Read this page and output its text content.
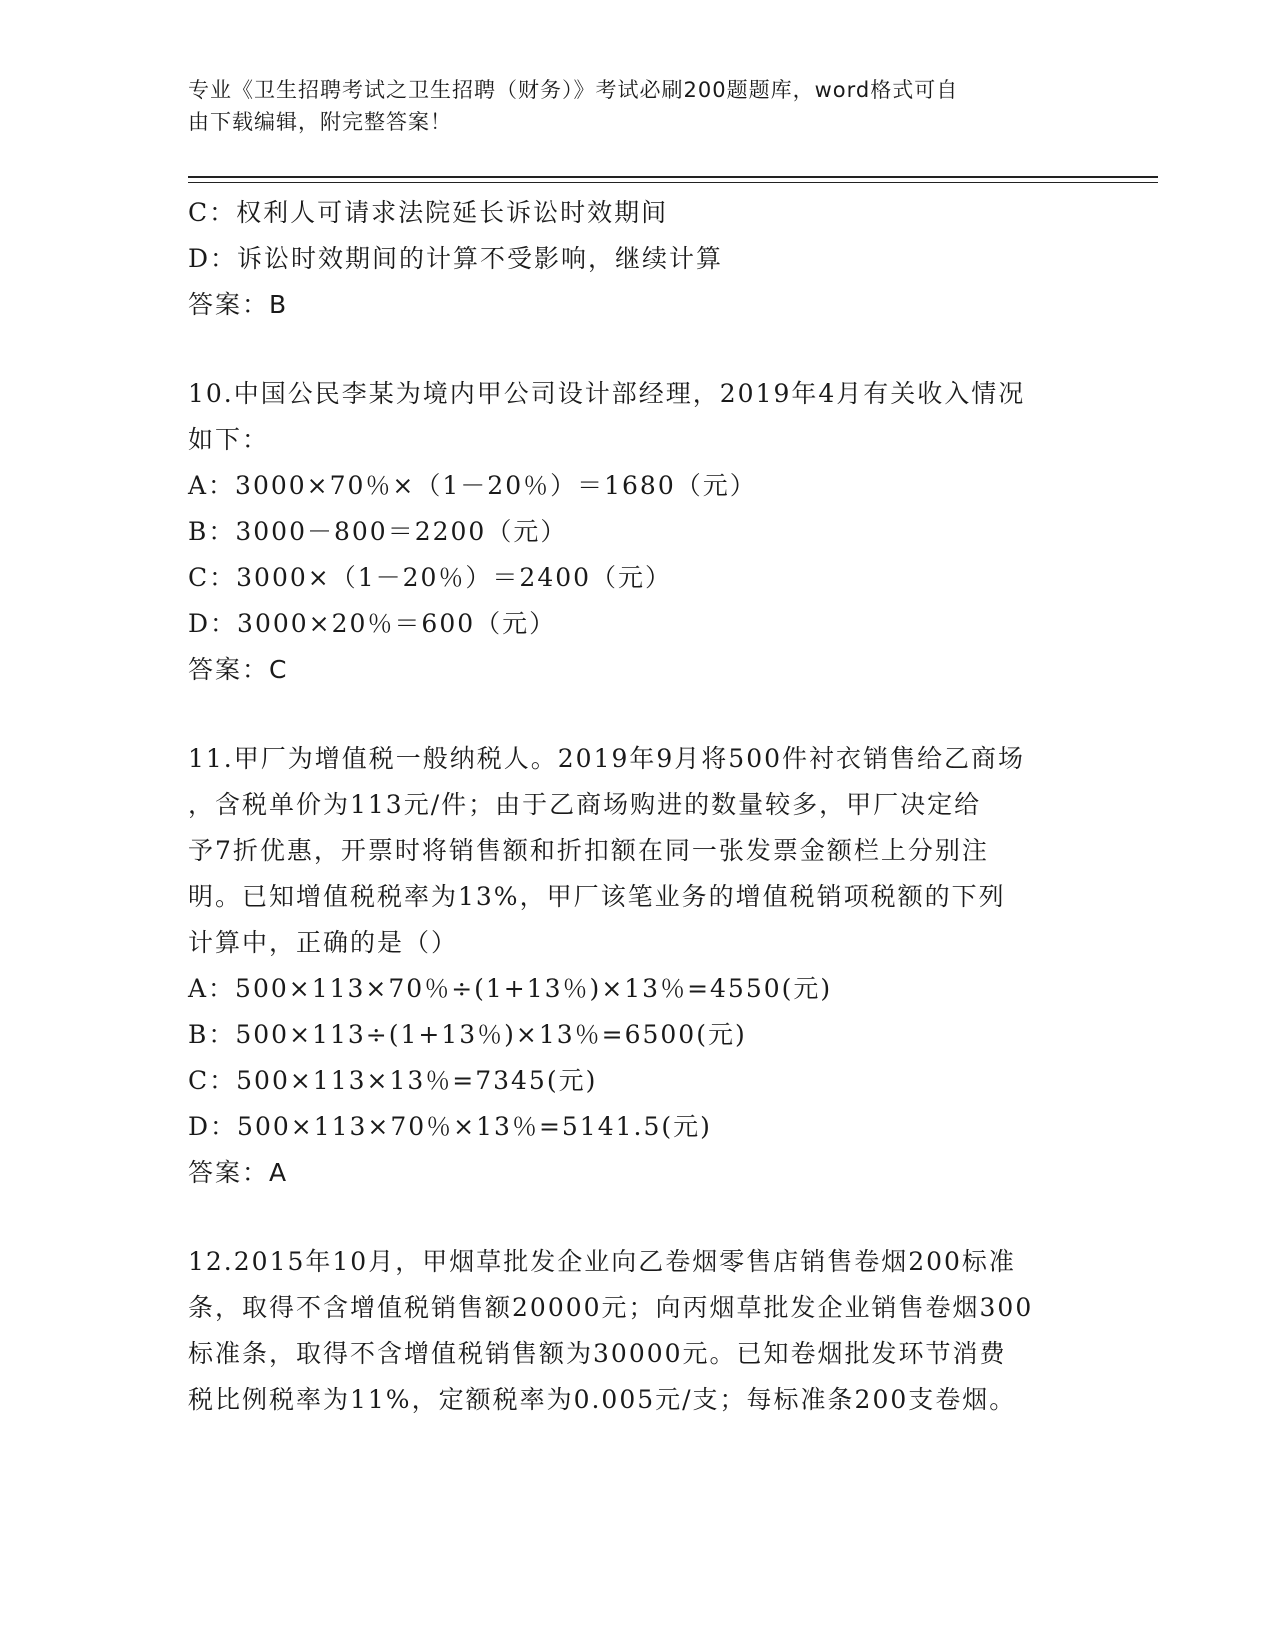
专业《卫生招聘考试之卫生招聘（财务）》考试必刷200题题库，word格式可自
由下载编辑，附完整答案！
C：权利人可请求法院延长诉讼时效期间
D：诉讼时效期间的计算不受影响，继续计算
答案：B
10.中国公民李某为境内甲公司设计部经理，2019年4月有关收入情况
如下：
A：3000×70％×（1－20％）＝1680（元）
B：3000－800＝2200（元）
C：3000×（1－20％）＝2400（元）
D：3000×20％＝600（元）
答案：C
11.甲厂为增值税一般纳税人。2019年9月将500件衬衣销售给乙商场
，含税单价为113元/件；由于乙商场购进的数量较多，甲厂决定给
予7折优惠，开票时将销售额和折扣额在同一张发票金额栏上分别注
明。已知增值税税率为13%，甲厂该笔业务的增值税销项税额的下列
计算中，正确的是（）
A：500×113×70％÷(1+13％)×13％=4550(元)
B：500×113÷(1+13％)×13％=6500(元)
C：500×113×13％=7345(元)
D：500×113×70％×13％=5141.5(元)
答案：A
12.2015年10月，甲烟草批发企业向乙卷烟零售店销售卷烟200标准
条，取得不含增值税销售额20000元；向丙烟草批发企业销售卷烟300
标准条，取得不含增值税销售额为30000元。已知卷烟批发环节消费
税比例税率为11%，定额税率为0.005元/支；每标准条200支卷烟。
